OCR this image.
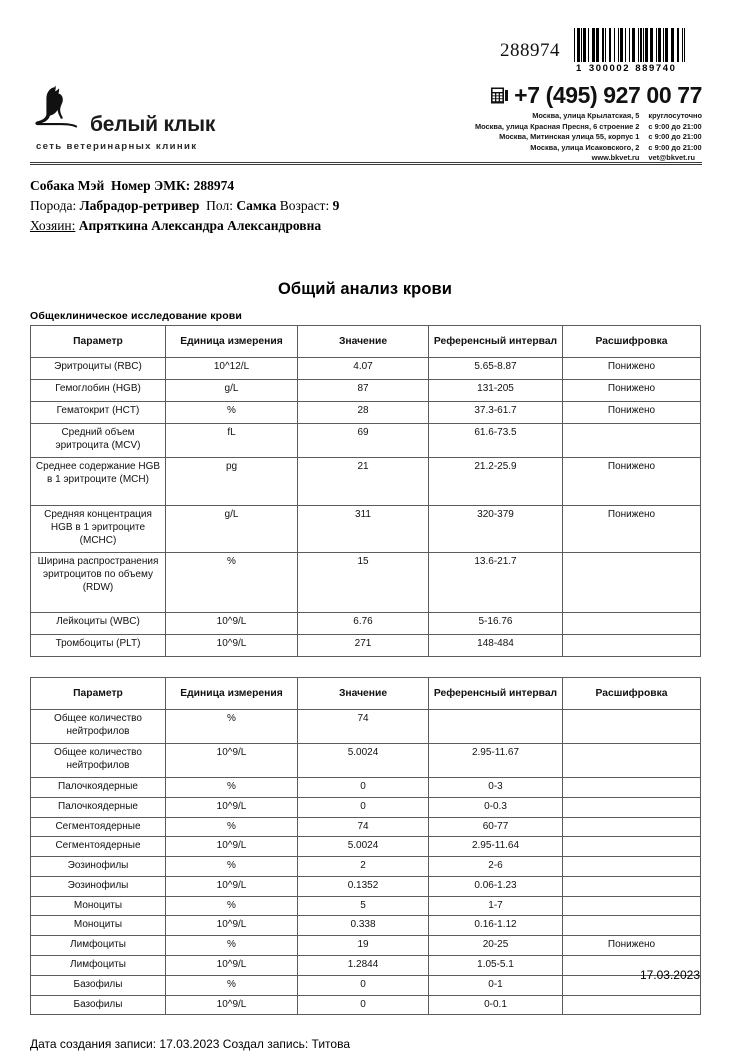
288974
1 300002 889740
белый клык
сеть ветеринарных клиник
+7 (495) 927 00 77
Москва, улица Крылатская, 5	круглосуточно
Москва, улица Красная Пресня, 6 строение 2	с 9:00 до 21:00
Москва, Митинская улица 55, корпус 1	с 9:00 до 21:00
Москва, улица Исаковского, 2	с 9:00 до 21:00
www.bkvet.ru	vet@bkvet.ru
Собака Мэй Номер ЭМК: 288974
Порода: Лабрадор-ретривер Пол: Самка Возраст: 9
Хозяин: Апряткина Александра Александровна
Общий анализ крови
Общеклиническое исследование крови
Параметр	Единица измерения	Значение	Референсный интервал	Расшифровка
Эритроциты (RBC)	10^12/L	4.07	5.65-8.87	Понижено
Гемоглобин (HGB)	g/L	87	131-205	Понижено
Гематокрит (HCT)	%	28	37.3-61.7	Понижено
Средний объем эритроцита (MCV)	fL	69	61.6-73.5	
Среднее содержание HGB в 1 эритроците (MCH)	pg	21	21.2-25.9	Понижено
Средняя концентрация HGB в 1 эритроците (MCHC)	g/L	311	320-379	Понижено
Ширина распространения эритроцитов по объему (RDW)	%	15	13.6-21.7	
Лейкоциты (WBC)	10^9/L	6.76	5-16.76	
Тромбоциты (PLT)	10^9/L	271	148-484	
Параметр	Единица измерения	Значение	Референсный интервал	Расшифровка
Общее количество нейтрофилов	%	74		
Общее количество нейтрофилов	10^9/L	5.0024	2.95-11.67	
Палочкоядерные	%	0	0-3	
Палочкоядерные	10^9/L	0	0-0.3	
Сегментоядерные	%	74	60-77	
Сегментоядерные	10^9/L	5.0024	2.95-11.64	
Эозинофилы	%	2	2-6	
Эозинофилы	10^9/L	0.1352	0.06-1.23	
Моноциты	%	5	1-7	
Моноциты	10^9/L	0.338	0.16-1.12	
Лимфоциты	%	19	20-25	Понижено
Лимфоциты	10^9/L	1.2844	1.05-5.1	
Базофилы	%	0	0-1	
Базофилы	10^9/L	0	0-0.1	
Дата создания записи: 17.03.2023 Создал запись: Титова
17.03.2023
